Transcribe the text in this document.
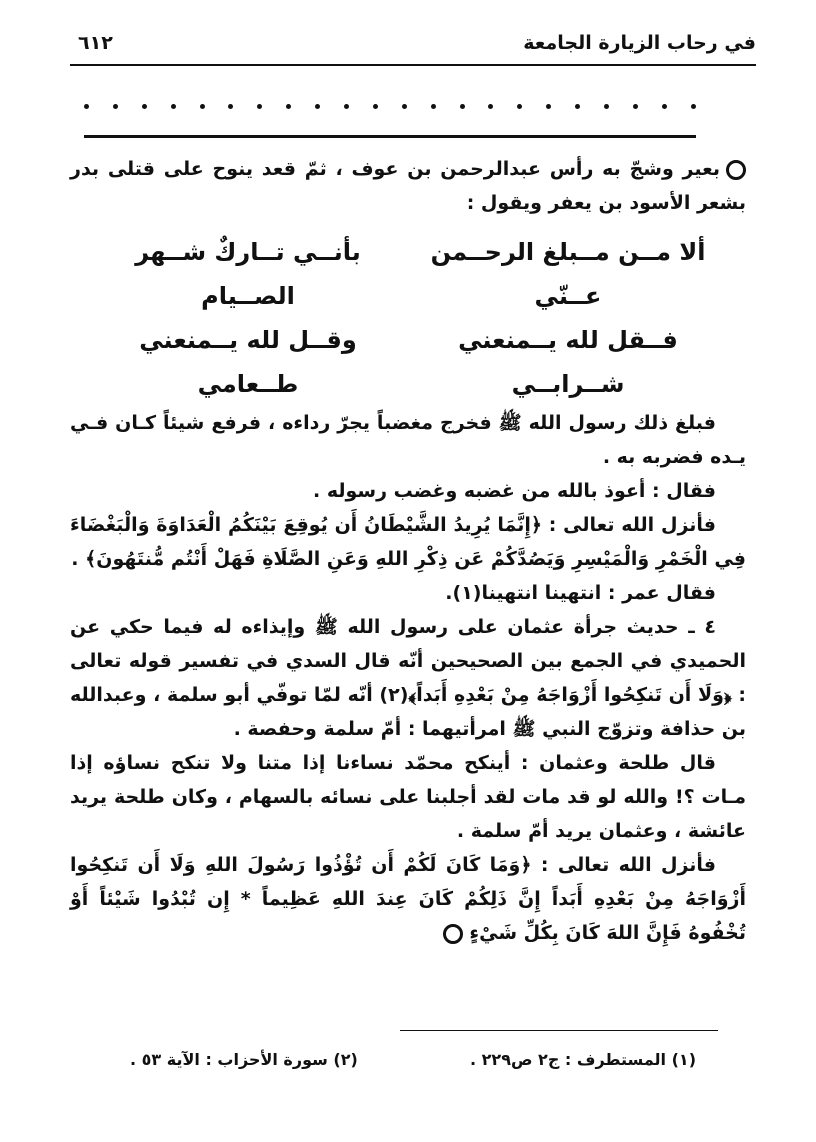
في رحاب الزيارة الجامعة
٦١٢

بعير وشجّ به رأس عبدالرحمن بن عوف ، ثمّ قعد ينوح على قتلى بدر بشعر الأسود بن يعفر ويقول :

ألا مــن مــبلغ الرحــمن عــنّي
بأنــي تــاركٌ شــهر الصــيام
فــقل لله يــمنعني شــرابــي
وقــل لله يــمنعني طــعامي

فبلغ ذلك رسول الله ﷺ فخرج مغضباً يجرّ رداءه ، فرفع شيئاً كـان فـي يـده فضربه به .

فقال : أعوذ بالله من غضبه وغضب رسوله .

فأنزل الله تعالى : ﴿إِنَّمَا يُرِيدُ الشَّيْطَانُ أَن يُوقِعَ بَيْنَكُمُ الْعَدَاوَةَ وَالْبَغْضَاءَ فِي الْخَمْرِ وَالْمَيْسِرِ وَيَصُدَّكُمْ عَن ذِكْرِ اللهِ وَعَنِ الصَّلَاةِ فَهَلْ أَنْتُم مُّنتَهُونَ﴾ .

فقال عمر : انتهينا انتهينا(١).

٤ ـ حديث جرأة عثمان على رسول الله ﷺ وإيذاءه له فيما حكي عن الحميدي في الجمع بين الصحيحين أنّه قال السدي في تفسير قوله تعالى : ﴿وَلَا أَن تَنكِحُوا أَزْوَاجَهُ مِنْ بَعْدِهِ أَبَداً﴾(٢) أنّه لمّا توفّي أبو سلمة ، وعبدالله بن حذافة وتزوّج النبي ﷺ امرأتيهما : أمّ سلمة وحفصة .

قال طلحة وعثمان : أينكح محمّد نساءنا إذا متنا ولا تنكح نساؤه إذا مـات ؟! والله لو قد مات لقد أجلبنا على نسائه بالسهام ، وكان طلحة يريد عائشة ، وعثمان يريد أمّ سلمة .

فأنزل الله تعالى : ﴿وَمَا كَانَ لَكُمْ أَن تُؤْذُوا رَسُولَ اللهِ وَلَا أَن تَنكِحُوا أَزْوَاجَهُ مِنْ بَعْدِهِ أَبَداً إِنَّ ذَلِكُمْ كَانَ عِندَ اللهِ عَظِيماً * إِن تُبْدُوا شَيْئاً أَوْ تُخْفُوهُ فَإِنَّ اللهَ كَانَ بِكُلِّ شَيْءٍ

(١) المستطرف : ج٢ ص٢٢٩ .
(٢) سورة الأحزاب : الآية ٥٣ .
